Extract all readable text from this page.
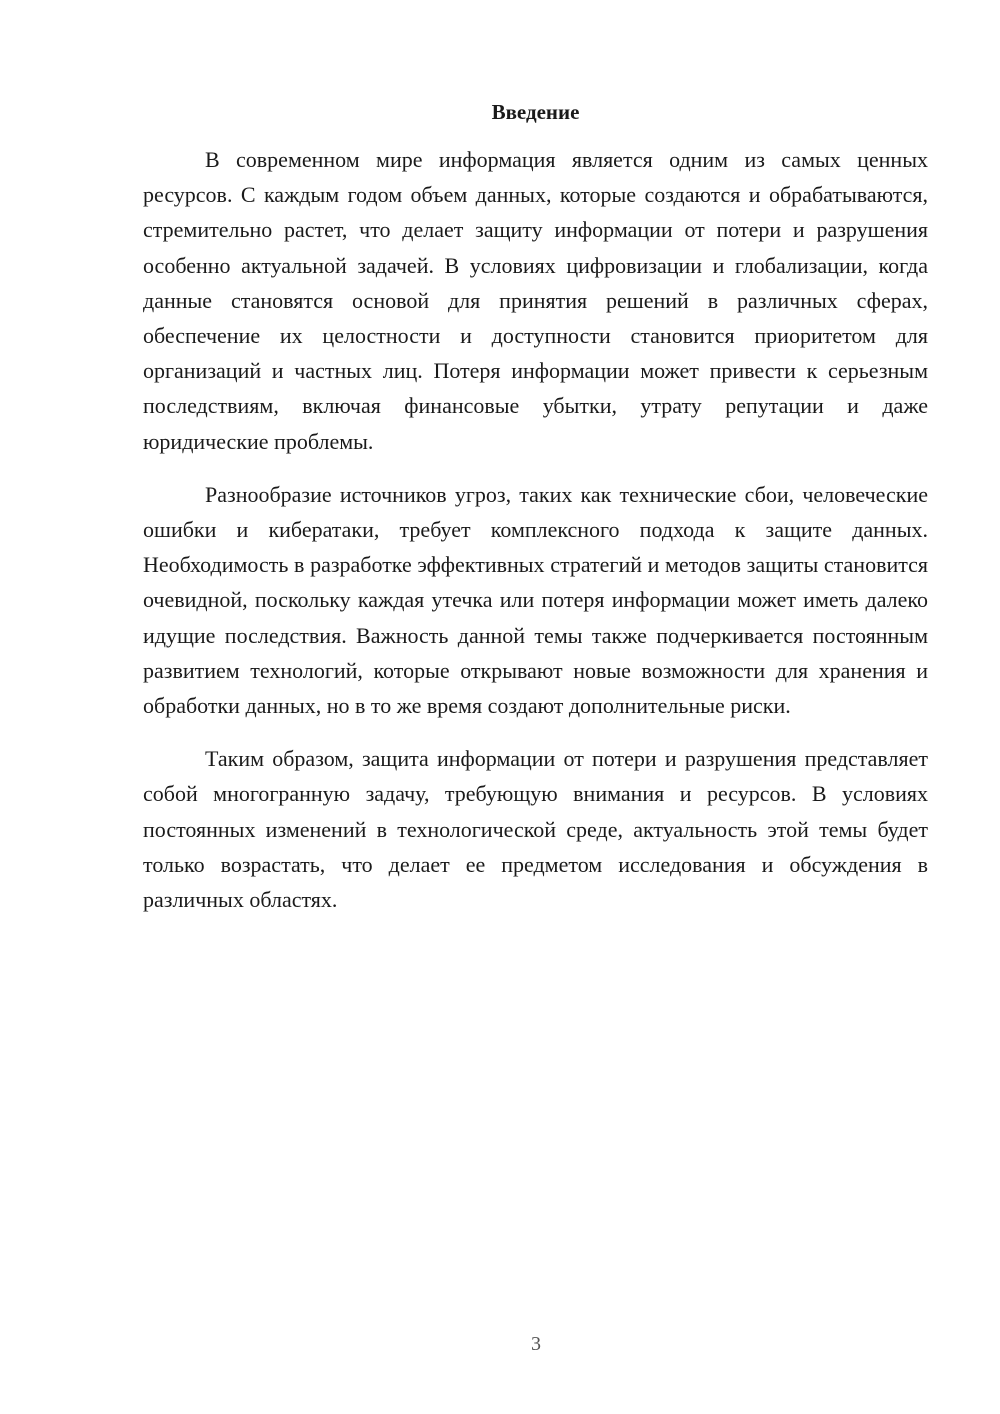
Введение

В современном мире информация является одним из самых ценных ресурсов. С каждым годом объем данных, которые создаются и обрабатываются, стремительно растет, что делает защиту информации от потери и разрушения особенно актуальной задачей. В условиях цифровизации и глобализации, когда данные становятся основой для принятия решений в различных сферах, обеспечение их целостности и доступности становится приоритетом для организаций и частных лиц. Потеря информации может привести к серьезным последствиям, включая финансовые убытки, утрату репутации и даже юридические проблемы.

Разнообразие источников угроз, таких как технические сбои, человеческие ошибки и кибератаки, требует комплексного подхода к защите данных. Необходимость в разработке эффективных стратегий и методов защиты становится очевидной, поскольку каждая утечка или потеря информации может иметь далеко идущие последствия. Важность данной темы также подчеркивается постоянным развитием технологий, которые открывают новые возможности для хранения и обработки данных, но в то же время создают дополнительные риски.

Таким образом, защита информации от потери и разрушения представляет собой многогранную задачу, требующую внимания и ресурсов. В условиях постоянных изменений в технологической среде, актуальность этой темы будет только возрастать, что делает ее предметом исследования и обсуждения в различных областях.

3
